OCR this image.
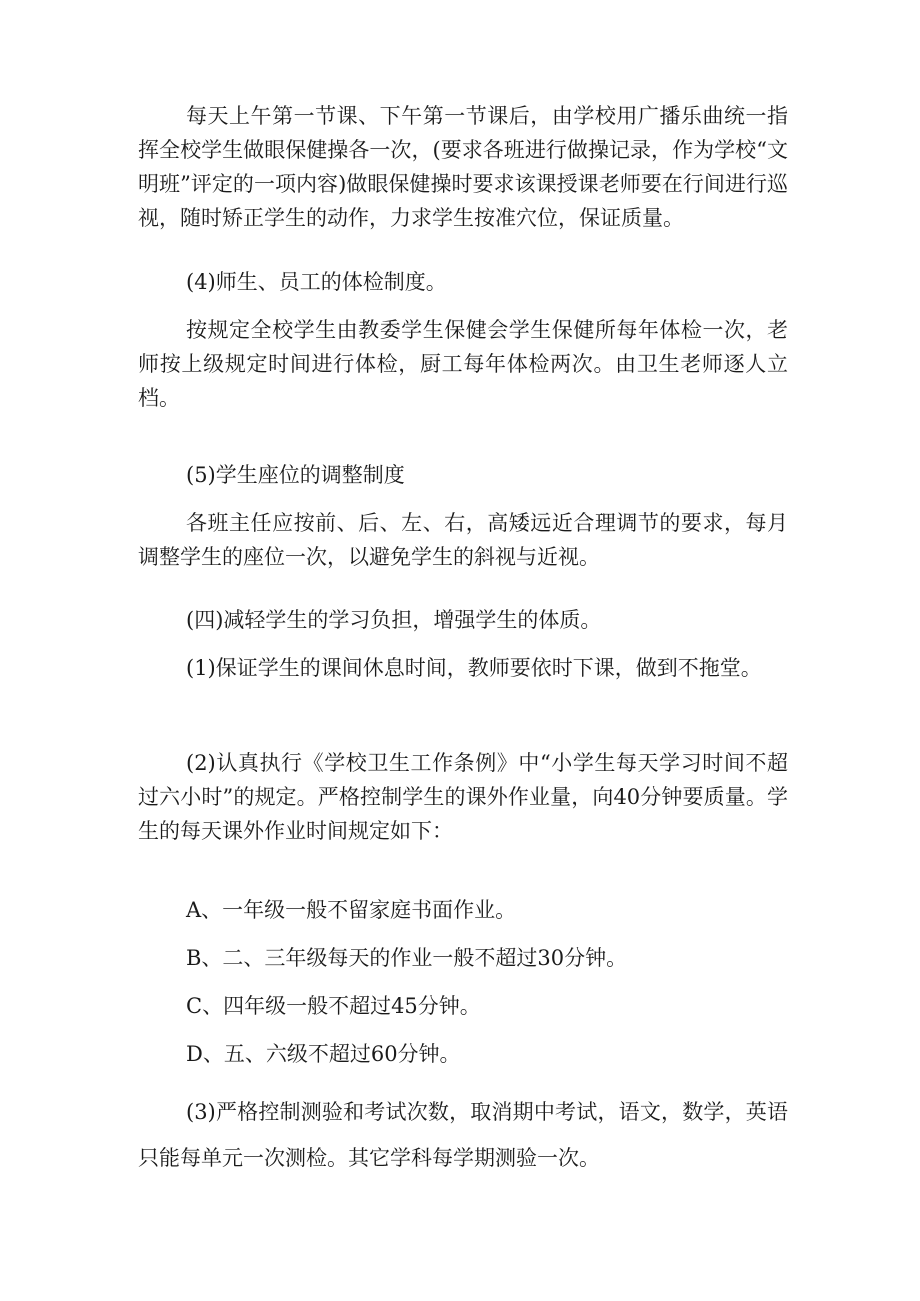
每天上午第一节课、下午第一节课后，由学校用广播乐曲统一指挥全校学生做眼保健操各一次，(要求各班进行做操记录，作为学校“文明班”评定的一项内容)做眼保健操时要求该课授课老师要在行间进行巡视，随时矫正学生的动作，力求学生按准穴位，保证质量。

(4)师生、员工的体检制度。

按规定全校学生由教委学生保健会学生保健所每年体检一次，老师按上级规定时间进行体检，厨工每年体检两次。由卫生老师逐人立档。

(5)学生座位的调整制度

各班主任应按前、后、左、右，高矮远近合理调节的要求，每月调整学生的座位一次，以避免学生的斜视与近视。

(四)减轻学生的学习负担，增强学生的体质。

(1)保证学生的课间休息时间，教师要依时下课，做到不拖堂。

(2)认真执行《学校卫生工作条例》中“小学生每天学习时间不超过六小时”的规定。严格控制学生的课外作业量，向40分钟要质量。学生的每天课外作业时间规定如下：

A、一年级一般不留家庭书面作业。

B、二、三年级每天的作业一般不超过30分钟。

C、四年级一般不超过45分钟。

D、五、六级不超过60分钟。

(3)严格控制测验和考试次数，取消期中考试，语文，数学，英语只能每单元一次测检。其它学科每学期测验一次。
